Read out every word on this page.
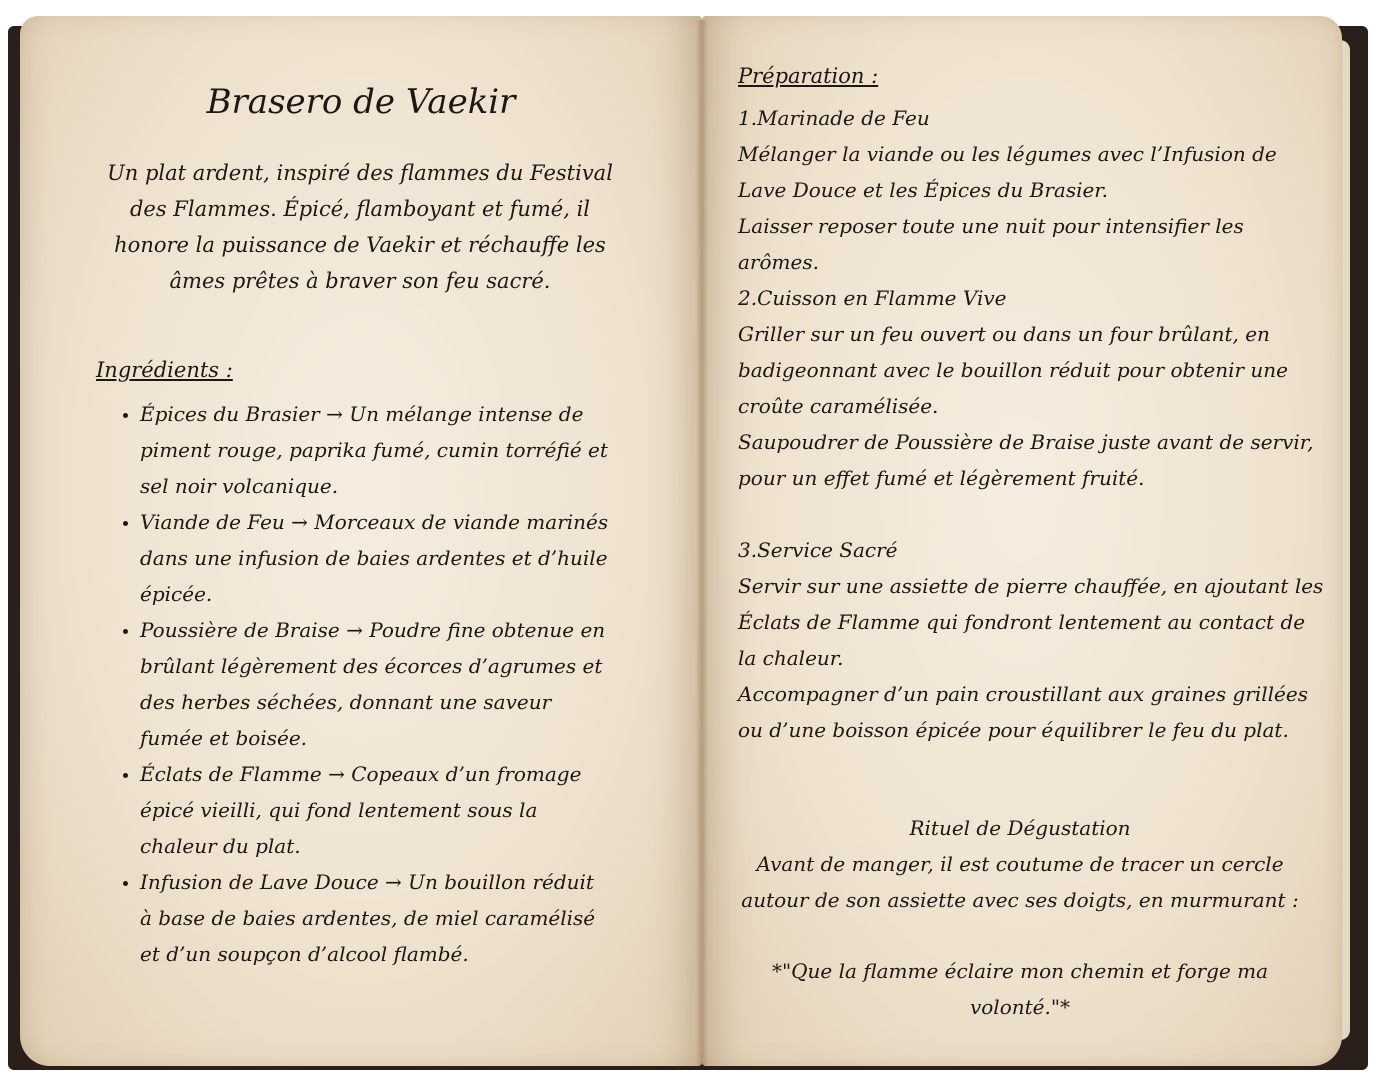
Brasero de Vaekir
Un plat ardent, inspiré des flammes du Festival des Flammes. Épicé, flamboyant et fumé, il honore la puissance de Vaekir et réchauffe les âmes prêtes à braver son feu sacré.
Ingrédients :
• Épices du Brasier → Un mélange intense de piment rouge, paprika fumé, cumin torréfié et sel noir volcanique.
• Viande de Feu → Morceaux de viande marinés dans une infusion de baies ardentes et d’huile épicée.
• Poussière de Braise → Poudre fine obtenue en brûlant légèrement des écorces d’agrumes et des herbes séchées, donnant une saveur fumée et boisée.
• Éclats de Flamme → Copeaux d’un fromage épicé vieilli, qui fond lentement sous la chaleur du plat.
• Infusion de Lave Douce → Un bouillon réduit à base de baies ardentes, de miel caramélisé et d’un soupçon d’alcool flambé.
Préparation :

1.Marinade de Feu

Mélanger la viande ou les légumes avec l’Infusion de Lave Douce et les Épices du Brasier.

Laisser reposer toute une nuit pour intensifier les arômes.

2.Cuisson en Flamme Vive

Griller sur un feu ouvert ou dans un four brûlant, en badigeonnant avec le bouillon réduit pour obtenir une croûte caramélisée.

Saupoudrer de Poussière de Braise juste avant de servir, pour un effet fumé et légèrement fruité.

3.Service Sacré

Servir sur une assiette de pierre chauffée, en ajoutant les Éclats de Flamme qui fondront lentement au contact de la chaleur.

Accompagner d’un pain croustillant aux graines grillées ou d’une boisson épicée pour équilibrer le feu du plat.

Rituel de Dégustation

Avant de manger, il est coutume de tracer un cercle autour de son assiette avec ses doigts, en murmurant :

*"Que la flamme éclaire mon chemin et forge ma volonté."*
